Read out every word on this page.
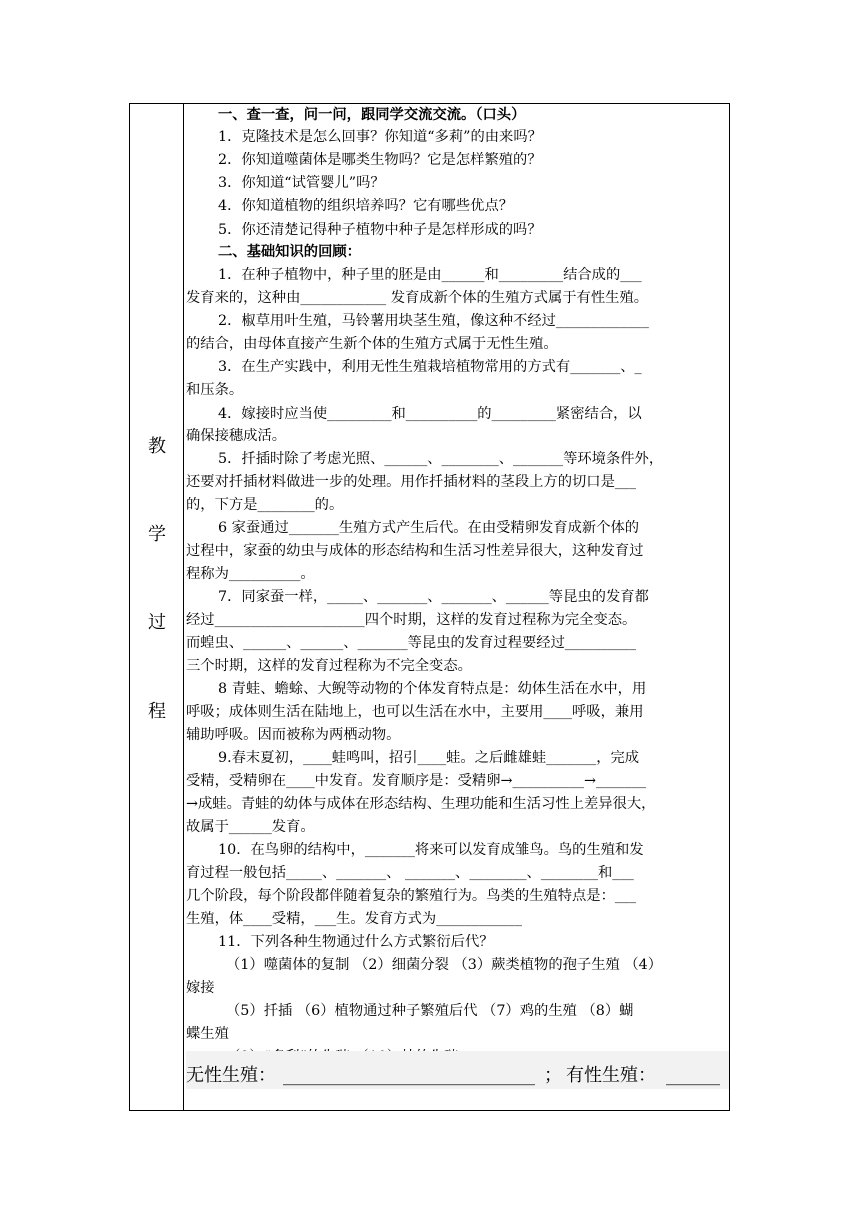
教
学
过
程
一、查一查，问一问，跟同学交流交流。（口头）
1．克隆技术是怎么回事？你知道“多莉”的由来吗？
2．你知道噬菌体是哪类生物吗？它是怎样繁殖的？
3．你知道“试管婴儿”吗？
4．你知道植物的组织培养吗？它有哪些优点？
5．你还清楚记得种子植物中种子是怎样形成的吗？
二、基础知识的回顾：
1．在种子植物中，种子里的胚是由______和_________结合成的___
发育来的，这种由____________ 发育成新个体的生殖方式属于有性生殖。
2．椒草用叶生殖，马铃薯用块茎生殖，像这种不经过_____________
的结合，由母体直接产生新个体的生殖方式属于无性生殖。
3．在生产实践中，利用无性生殖栽培植物常用的方式有_______、_
和压条。
4．嫁接时应当使_________和__________的_________紧密结合，以
确保接穗成活。
5．扦插时除了考虑光照、______、________、_______等环境条件外，
还要对扦插材料做进一步的处理。用作扦插材料的茎段上方的切口是___
的，下方是________的。
6 家蚕通过_______生殖方式产生后代。在由受精卵发育成新个体的
过程中，家蚕的幼虫与成体的形态结构和生活习性差异很大，这种发育过
程称为__________。
7．同家蚕一样，_____、_______、_______、______等昆虫的发育都
经过_____________________四个时期，这样的发育过程称为完全变态。
而蝗虫、______、______、_______等昆虫的发育过程要经过__________
三个时期，这样的发育过程称为不完全变态。
8 青蛙、蟾蜍、大鲵等动物的个体发育特点是：幼体生活在水中，用
呼吸；成体则生活在陆地上，也可以生活在水中，主要用____呼吸，兼用
辅助呼吸。因而被称为两栖动物。
9.春末夏初，____蛙鸣叫，招引____蛙。之后雌雄蛙_______，完成
受精，受精卵在____中发育。发育顺序是：受精卵→__________→_______
→成蛙。青蛙的幼体与成体在形态结构、生理功能和生活习性上差异很大，
故属于______发育。
10．在鸟卵的结构中，_______将来可以发育成雏鸟。鸟的生殖和发
育过程一般包括_____、_______、 _______、________、________和___
几个阶段，每个阶段都伴随着复杂的繁殖行为。鸟类的生殖特点是：___
生殖，体____受精，___生。发育方式为____________
11．下列各种生物通过什么方式繁衍后代？
（1）噬菌体的复制 （2）细菌分裂 （3）蕨类植物的孢子生殖 （4）
嫁接
（5）扦插 （6）植物通过种子繁殖后代 （7）鸡的生殖 （8）蝴
蝶生殖
无性生殖： ____________________________ ； 有性生殖： ______
